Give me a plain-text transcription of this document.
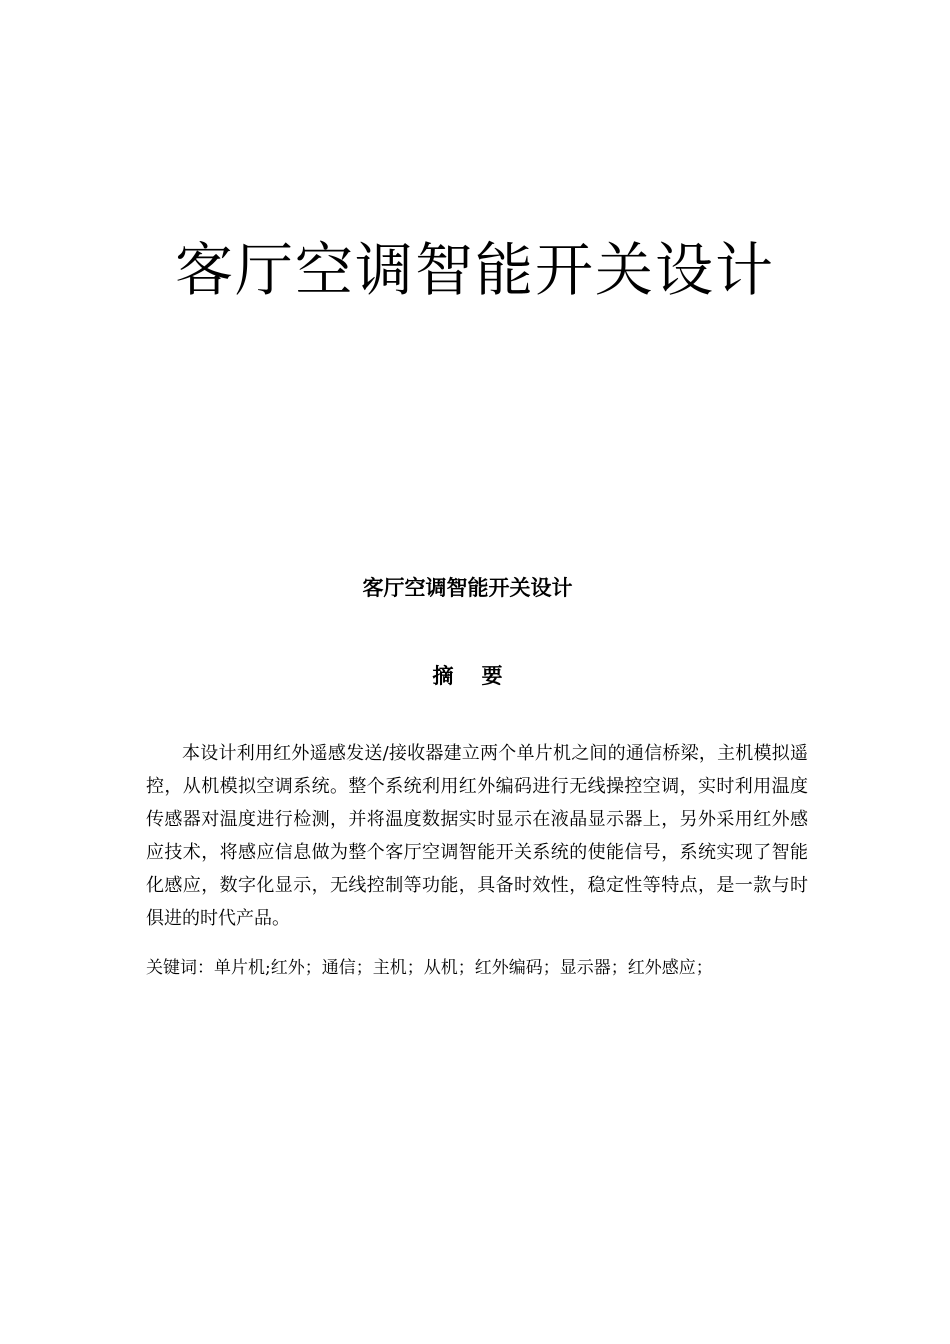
客厅空调智能开关设计
客厅空调智能开关设计
摘要

本设计利用红外遥感发送/接收器建立两个单片机之间的通信桥梁，主机模拟遥控，从机模拟空调系统。整个系统利用红外编码进行无线操控空调，实时利用温度传感器对温度进行检测，并将温度数据实时显示在液晶显示器上，另外采用红外感应技术，将感应信息做为整个客厅空调智能开关系统的使能信号，系统实现了智能化感应，数字化显示，无线控制等功能，具备时效性，稳定性等特点，是一款与时俱进的时代产品。

关键词：单片机;红外；通信；主机；从机；红外编码；显示器；红外感应；
